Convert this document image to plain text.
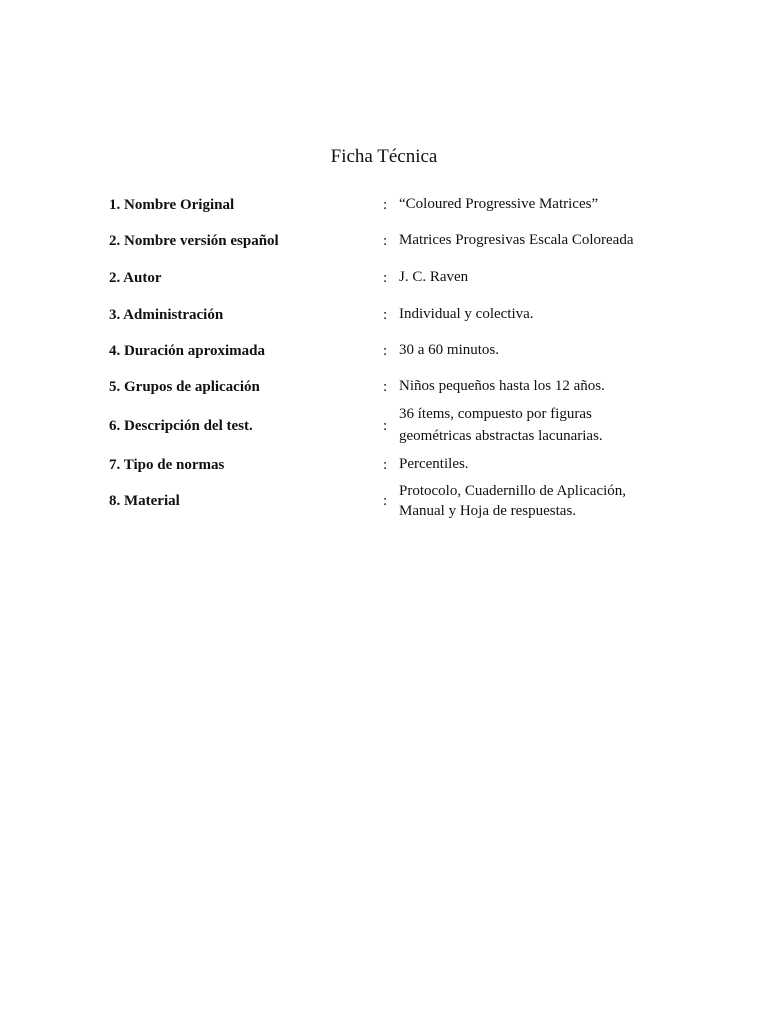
Ficha Técnica
1. Nombre Original	: “Coloured Progressive Matrices”
2. Nombre versión español	: Matrices Progresivas Escala Coloreada
2. Autor	: J. C. Raven
3. Administración	: Individual y colectiva.
4. Duración aproximada	: 30 a 60 minutos.
5. Grupos de aplicación	: Niños pequeños hasta los 12 años.
6. Descripción del test.	:
36 ítems, compuesto por figuras
geométricas abstractas lacunarias.
7. Tipo de normas	: Percentiles.
8. Material	:
Protocolo, Cuadernillo de Aplicación,
Manual y Hoja de respuestas.
